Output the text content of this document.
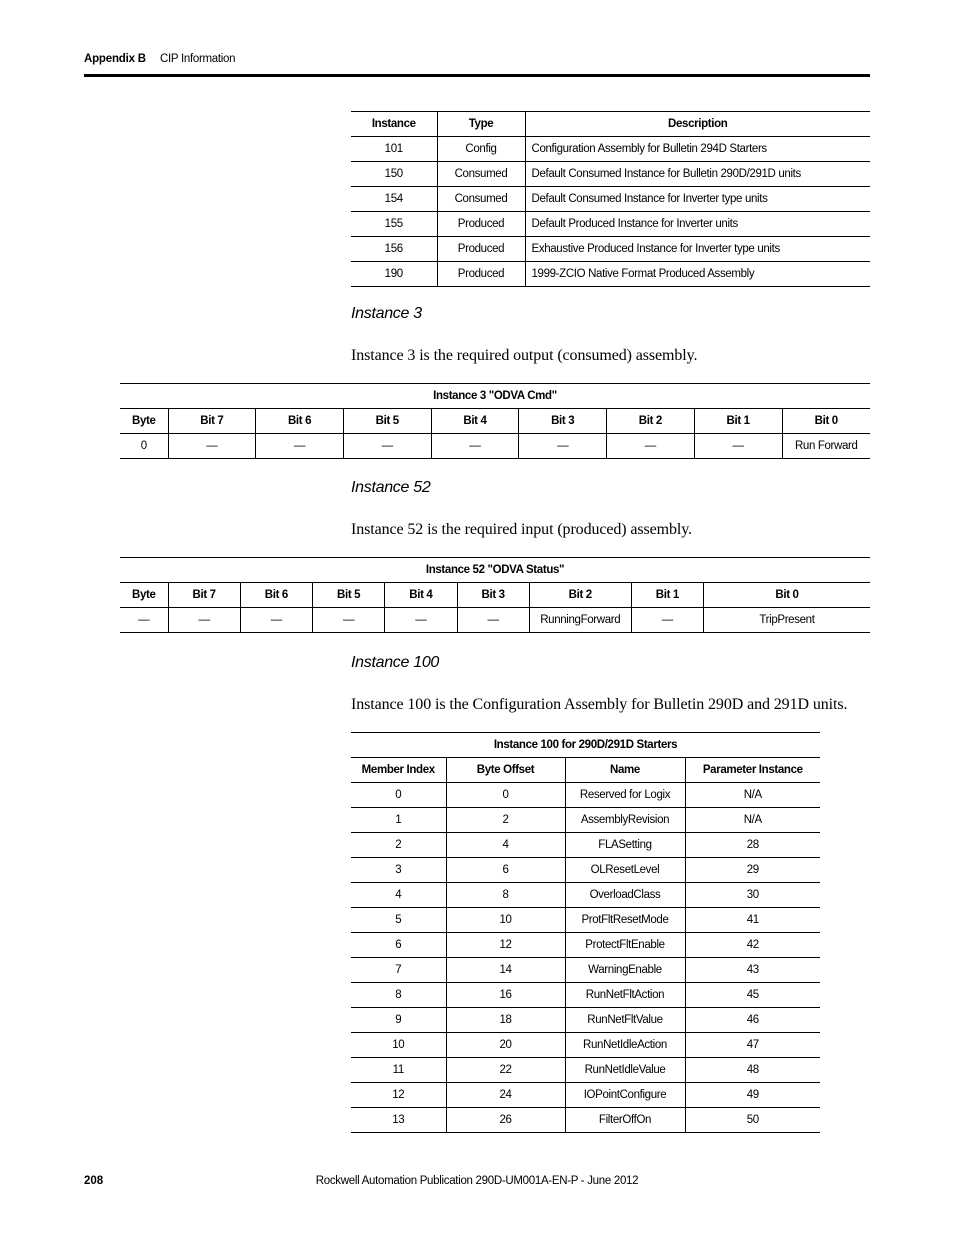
Appendix B CIP Information
Instance	Type	Description
101	Config	Configuration Assembly for Bulletin 294D Starters
150	Consumed	Default Consumed Instance for Bulletin 290D/291D units
154	Consumed	Default Consumed Instance for Inverter type units
155	Produced	Default Produced Instance for Inverter units
156	Produced	Exhaustive Produced Instance for Inverter type units
190	Produced	1999-ZCIO Native Format Produced Assembly
Instance 3
Instance 3 is the required output (consumed) assembly.
Instance 3 "ODVA Cmd"								
Byte	Bit 7	Bit 6	Bit 5	Bit 4	Bit 3	Bit 2	Bit 1	Bit 0
0	—	—	—	—	—	—	—	Run Forward
Instance 52
Instance 52 is the required input (produced) assembly.
Instance 52 "ODVA Status"								
Byte	Bit 7	Bit 6	Bit 5	Bit 4	Bit 3	Bit 2	Bit 1	Bit 0
—	—	—	—	—	—	RunningForward	—	TripPresent
Instance 100
Instance 100 is the Configuration Assembly for Bulletin 290D and 291D units.
Instance 100 for 290D/291D Starters			
Member Index	Byte Offset	Name	Parameter Instance
0	0	Reserved for Logix	N/A
1	2	AssemblyRevision	N/A
2	4	FLASetting	28
3	6	OLResetLevel	29
4	8	OverloadClass	30
5	10	ProtFltResetMode	41
6	12	ProtectFltEnable	42
7	14	WarningEnable	43
8	16	RunNetFltAction	45
9	18	RunNetFltValue	46
10	20	RunNetIdleAction	47
11	22	RunNetIdleValue	48
12	24	IOPointConfigure	49
13	26	FilterOffOn	50
Rockwell Automation Publication 290D-UM001A-EN-P - June 2012
208
